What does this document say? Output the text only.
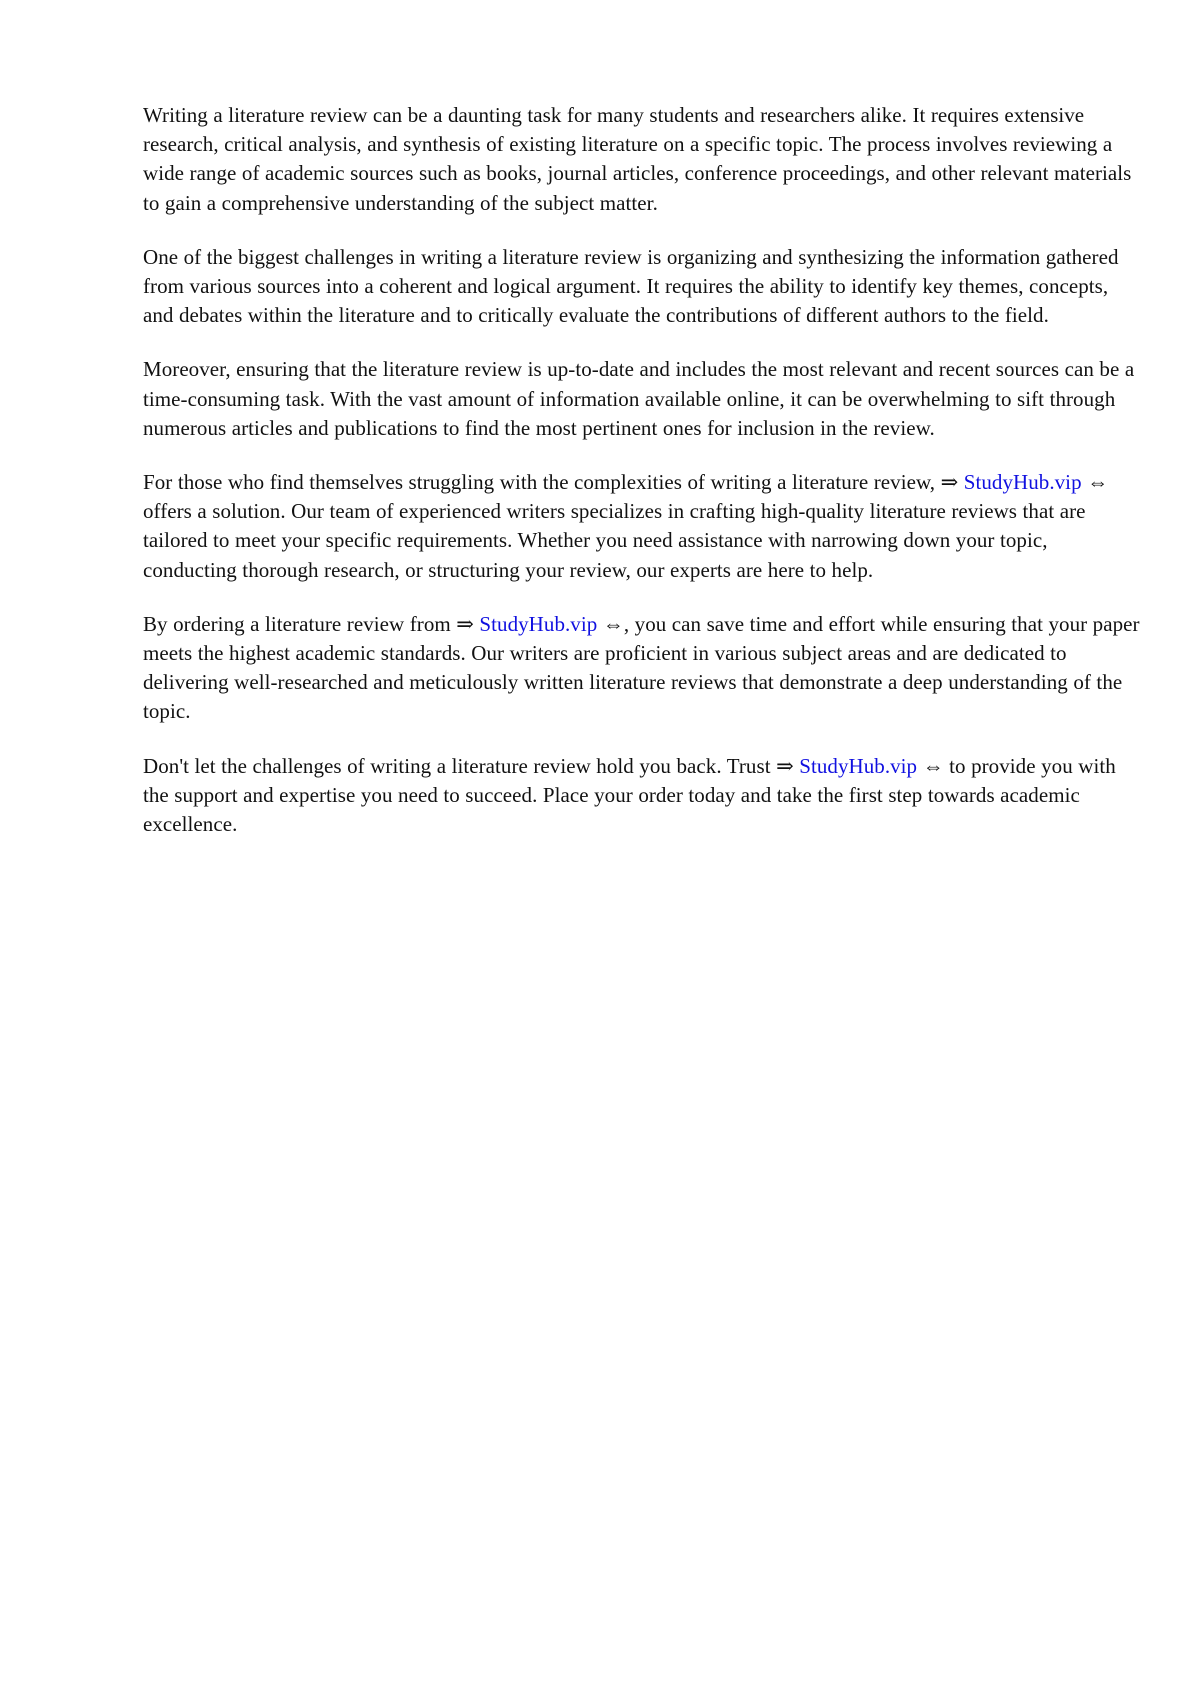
Writing a literature review can be a daunting task for many students and researchers alike. It requires extensive research, critical analysis, and synthesis of existing literature on a specific topic. The process involves reviewing a wide range of academic sources such as books, journal articles, conference proceedings, and other relevant materials to gain a comprehensive understanding of the subject matter.

One of the biggest challenges in writing a literature review is organizing and synthesizing the information gathered from various sources into a coherent and logical argument. It requires the ability to identify key themes, concepts, and debates within the literature and to critically evaluate the contributions of different authors to the field.

Moreover, ensuring that the literature review is up-to-date and includes the most relevant and recent sources can be a time-consuming task. With the vast amount of information available online, it can be overwhelming to sift through numerous articles and publications to find the most pertinent ones for inclusion in the review.

For those who find themselves struggling with the complexities of writing a literature review, ⇒ StudyHub.vip ⇔ offers a solution. Our team of experienced writers specializes in crafting high-quality literature reviews that are tailored to meet your specific requirements. Whether you need assistance with narrowing down your topic, conducting thorough research, or structuring your review, our experts are here to help.

By ordering a literature review from ⇒ StudyHub.vip ⇔, you can save time and effort while ensuring that your paper meets the highest academic standards. Our writers are proficient in various subject areas and are dedicated to delivering well-researched and meticulously written literature reviews that demonstrate a deep understanding of the topic.

Don't let the challenges of writing a literature review hold you back. Trust ⇒ StudyHub.vip ⇔ to provide you with the support and expertise you need to succeed. Place your order today and take the first step towards academic excellence.
